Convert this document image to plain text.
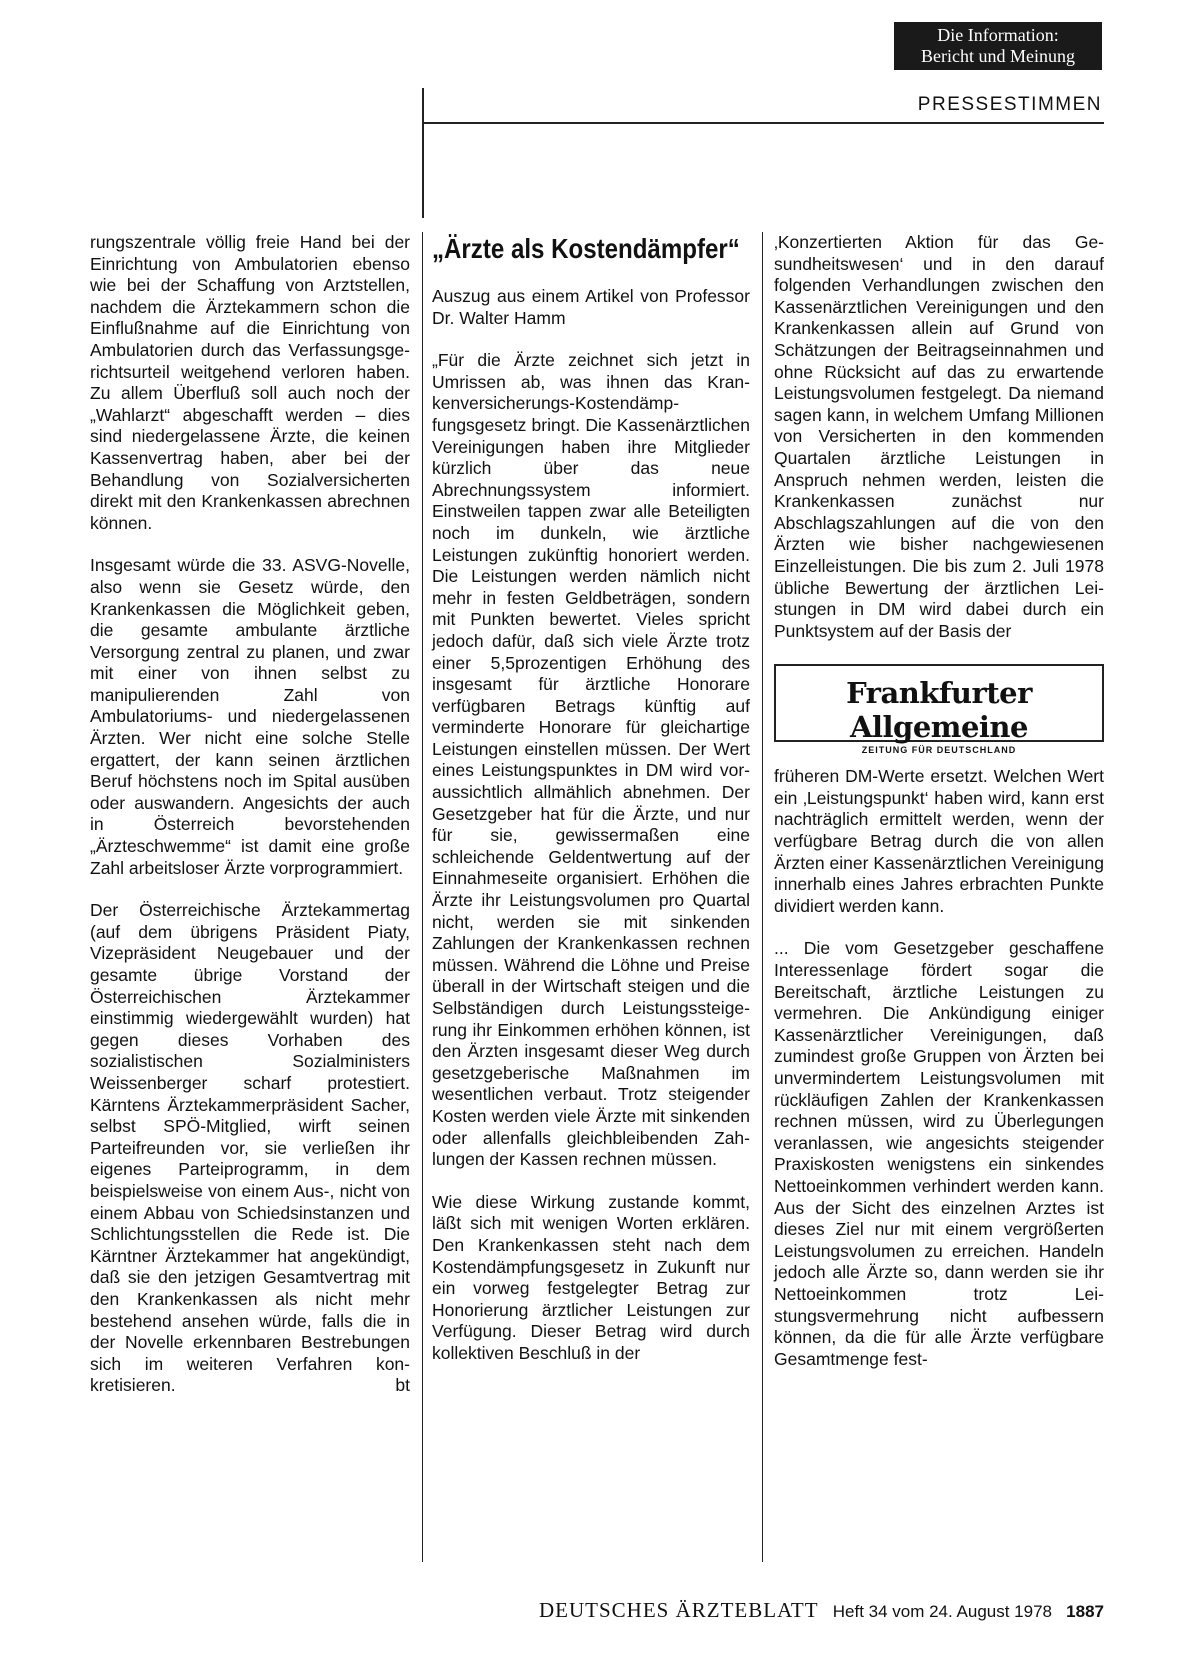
Die Information:
Bericht und Meinung
PRESSESTIMMEN

rungszentrale völlig freie Hand bei der Einrichtung von Ambulatorien ebenso wie bei der Schaffung von Arztstellen, nachdem die Ärztekammern schon die Einflußnahme auf die Einrichtung von Ambulatorien durch das Verfassungsgerichtsurteil weitgehend verloren haben. Zu allem Überfluß soll auch noch der „Wahlarzt“ abgeschafft werden – dies sind niedergelassene Ärzte, die keinen Kassenvertrag haben, aber bei der Behandlung von Sozialversicherten direkt mit den Krankenkassen abrechnen können.

Insgesamt würde die 33. ASVG-Novelle, also wenn sie Gesetz würde, den Krankenkassen die Möglichkeit geben, die gesamte ambulante ärztliche Versorgung zentral zu planen, und zwar mit einer von ihnen selbst zu manipulierenden Zahl von Ambulatoriums- und niedergelassenen Ärzten. Wer nicht eine solche Stelle ergattert, der kann seinen ärztlichen Beruf höchstens noch im Spital ausüben oder auswandern. Angesichts der auch in Österreich bevorstehenden „Ärzteschwemme“ ist damit eine große Zahl arbeitsloser Ärzte vorprogrammiert.

Der Österreichische Ärztekammertag (auf dem übrigens Präsident Piaty, Vizepräsident Neugebauer und der gesamte übrige Vorstand der Österreichischen Ärztekammer einstimmig wiedergewählt wurden) hat gegen dieses Vorhaben des sozialistischen Sozialministers Weissenberger scharf protestiert. Kärntens Ärztekammerpräsident Sacher, selbst SPÖ-Mitglied, wirft seinen Parteifreunden vor, sie verließen ihr eigenes Parteiprogramm, in dem beispielsweise von einem Aus-, nicht von einem Abbau von Schiedsinstanzen und Schlichtungsstellen die Rede ist. Die Kärntner Ärztekammer hat angekündigt, daß sie den jetzigen Gesamtvertrag mit den Krankenkassen als nicht mehr bestehend ansehen würde, falls die in der Novelle erkennbaren Bestrebungen sich im weiteren Verfahren konkretisieren.	bt

„Ärzte als Kostendämpfer“

Auszug aus einem Artikel von Professor Dr. Walter Hamm

„Für die Ärzte zeichnet sich jetzt in Umrissen ab, was ihnen das Krankenversicherungs-Kostendämpfungsgesetz bringt. Die Kassenärztlichen Vereinigungen haben ihre Mitglieder kürzlich über das neue Abrechnungssystem informiert. Einstweilen tappen zwar alle Beteiligten noch im dunkeln, wie ärztliche Leistungen zukünftig honoriert werden. Die Leistungen werden nämlich nicht mehr in festen Geldbeträgen, sondern mit Punkten bewertet. Vieles spricht jedoch dafür, daß sich viele Ärzte trotz einer 5,5prozentigen Erhöhung des insgesamt für ärztliche Honorare verfügbaren Betrags künftig auf verminderte Honorare für gleichartige Leistungen einstellen müssen. Der Wert eines Leistungspunktes in DM wird voraussichtlich allmählich abnehmen. Der Gesetzgeber hat für die Ärzte, und nur für sie, gewissermaßen eine schleichende Geldentwertung auf der Einnahmeseite organisiert. Erhöhen die Ärzte ihr Leistungsvolumen pro Quartal nicht, werden sie mit sinkenden Zahlungen der Krankenkassen rechnen müssen. Während die Löhne und Preise überall in der Wirtschaft steigen und die Selbständigen durch Leistungssteigerung ihr Einkommen erhöhen können, ist den Ärzten insgesamt dieser Weg durch gesetzgeberische Maßnahmen im wesentlichen verbaut. Trotz steigender Kosten werden viele Ärzte mit sinkenden oder allenfalls gleichbleibenden Zahlungen der Kassen rechnen müssen.

Wie diese Wirkung zustande kommt, läßt sich mit wenigen Worten erklären. Den Krankenkassen steht nach dem Kostendämpfungsgesetz in Zukunft nur ein vorweg festgelegter Betrag zur Honorierung ärztlicher Leistungen zur Verfügung. Dieser Betrag wird durch kollektiven Beschluß in der

‚Konzertierten Aktion für das Gesundheitswesen‘ und in den darauf folgenden Verhandlungen zwischen den Kassenärztlichen Vereinigungen und den Krankenkassen allein auf Grund von Schätzungen der Beitragseinnahmen und ohne Rücksicht auf das zu erwartende Leistungsvolumen festgelegt. Da niemand sagen kann, in welchem Umfang Millionen von Versicherten in den kommenden Quartalen ärztliche Leistungen in Anspruch nehmen werden, leisten die Krankenkassen zunächst nur Abschlagszahlungen auf die von den Ärzten wie bisher nachgewiesenen Einzelleistungen. Die bis zum 2. Juli 1978 übliche Bewertung der ärztlichen Leistungen in DM wird dabei durch ein Punktsystem auf der Basis der

Frankfurter Allgemeine
ZEITUNG FÜR DEUTSCHLAND

früheren DM-Werte ersetzt. Welchen Wert ein ‚Leistungspunkt‘ haben wird, kann erst nachträglich ermittelt werden, wenn der verfügbare Betrag durch die von allen Ärzten einer Kassenärztlichen Vereinigung innerhalb eines Jahres erbrachten Punkte dividiert werden kann.

... Die vom Gesetzgeber geschaffene Interessenlage fördert sogar die Bereitschaft, ärztliche Leistungen zu vermehren. Die Ankündigung einiger Kassenärztlicher Vereinigungen, daß zumindest große Gruppen von Ärzten bei unvermindertem Leistungsvolumen mit rückläufigen Zahlen der Krankenkassen rechnen müssen, wird zu Überlegungen veranlassen, wie angesichts steigender Praxiskosten wenigstens ein sinkendes Nettoeinkommen verhindert werden kann. Aus der Sicht des einzelnen Arztes ist dieses Ziel nur mit einem vergrößerten Leistungsvolumen zu erreichen. Handeln jedoch alle Ärzte so, dann werden sie ihr Nettoeinkommen trotz Leistungsvermehrung nicht aufbessern können, da die für alle Ärzte verfügbare Gesamtmenge fest-

DEUTSCHES ÄRZTEBLATT Heft 34 vom 24. August 1978 1887
